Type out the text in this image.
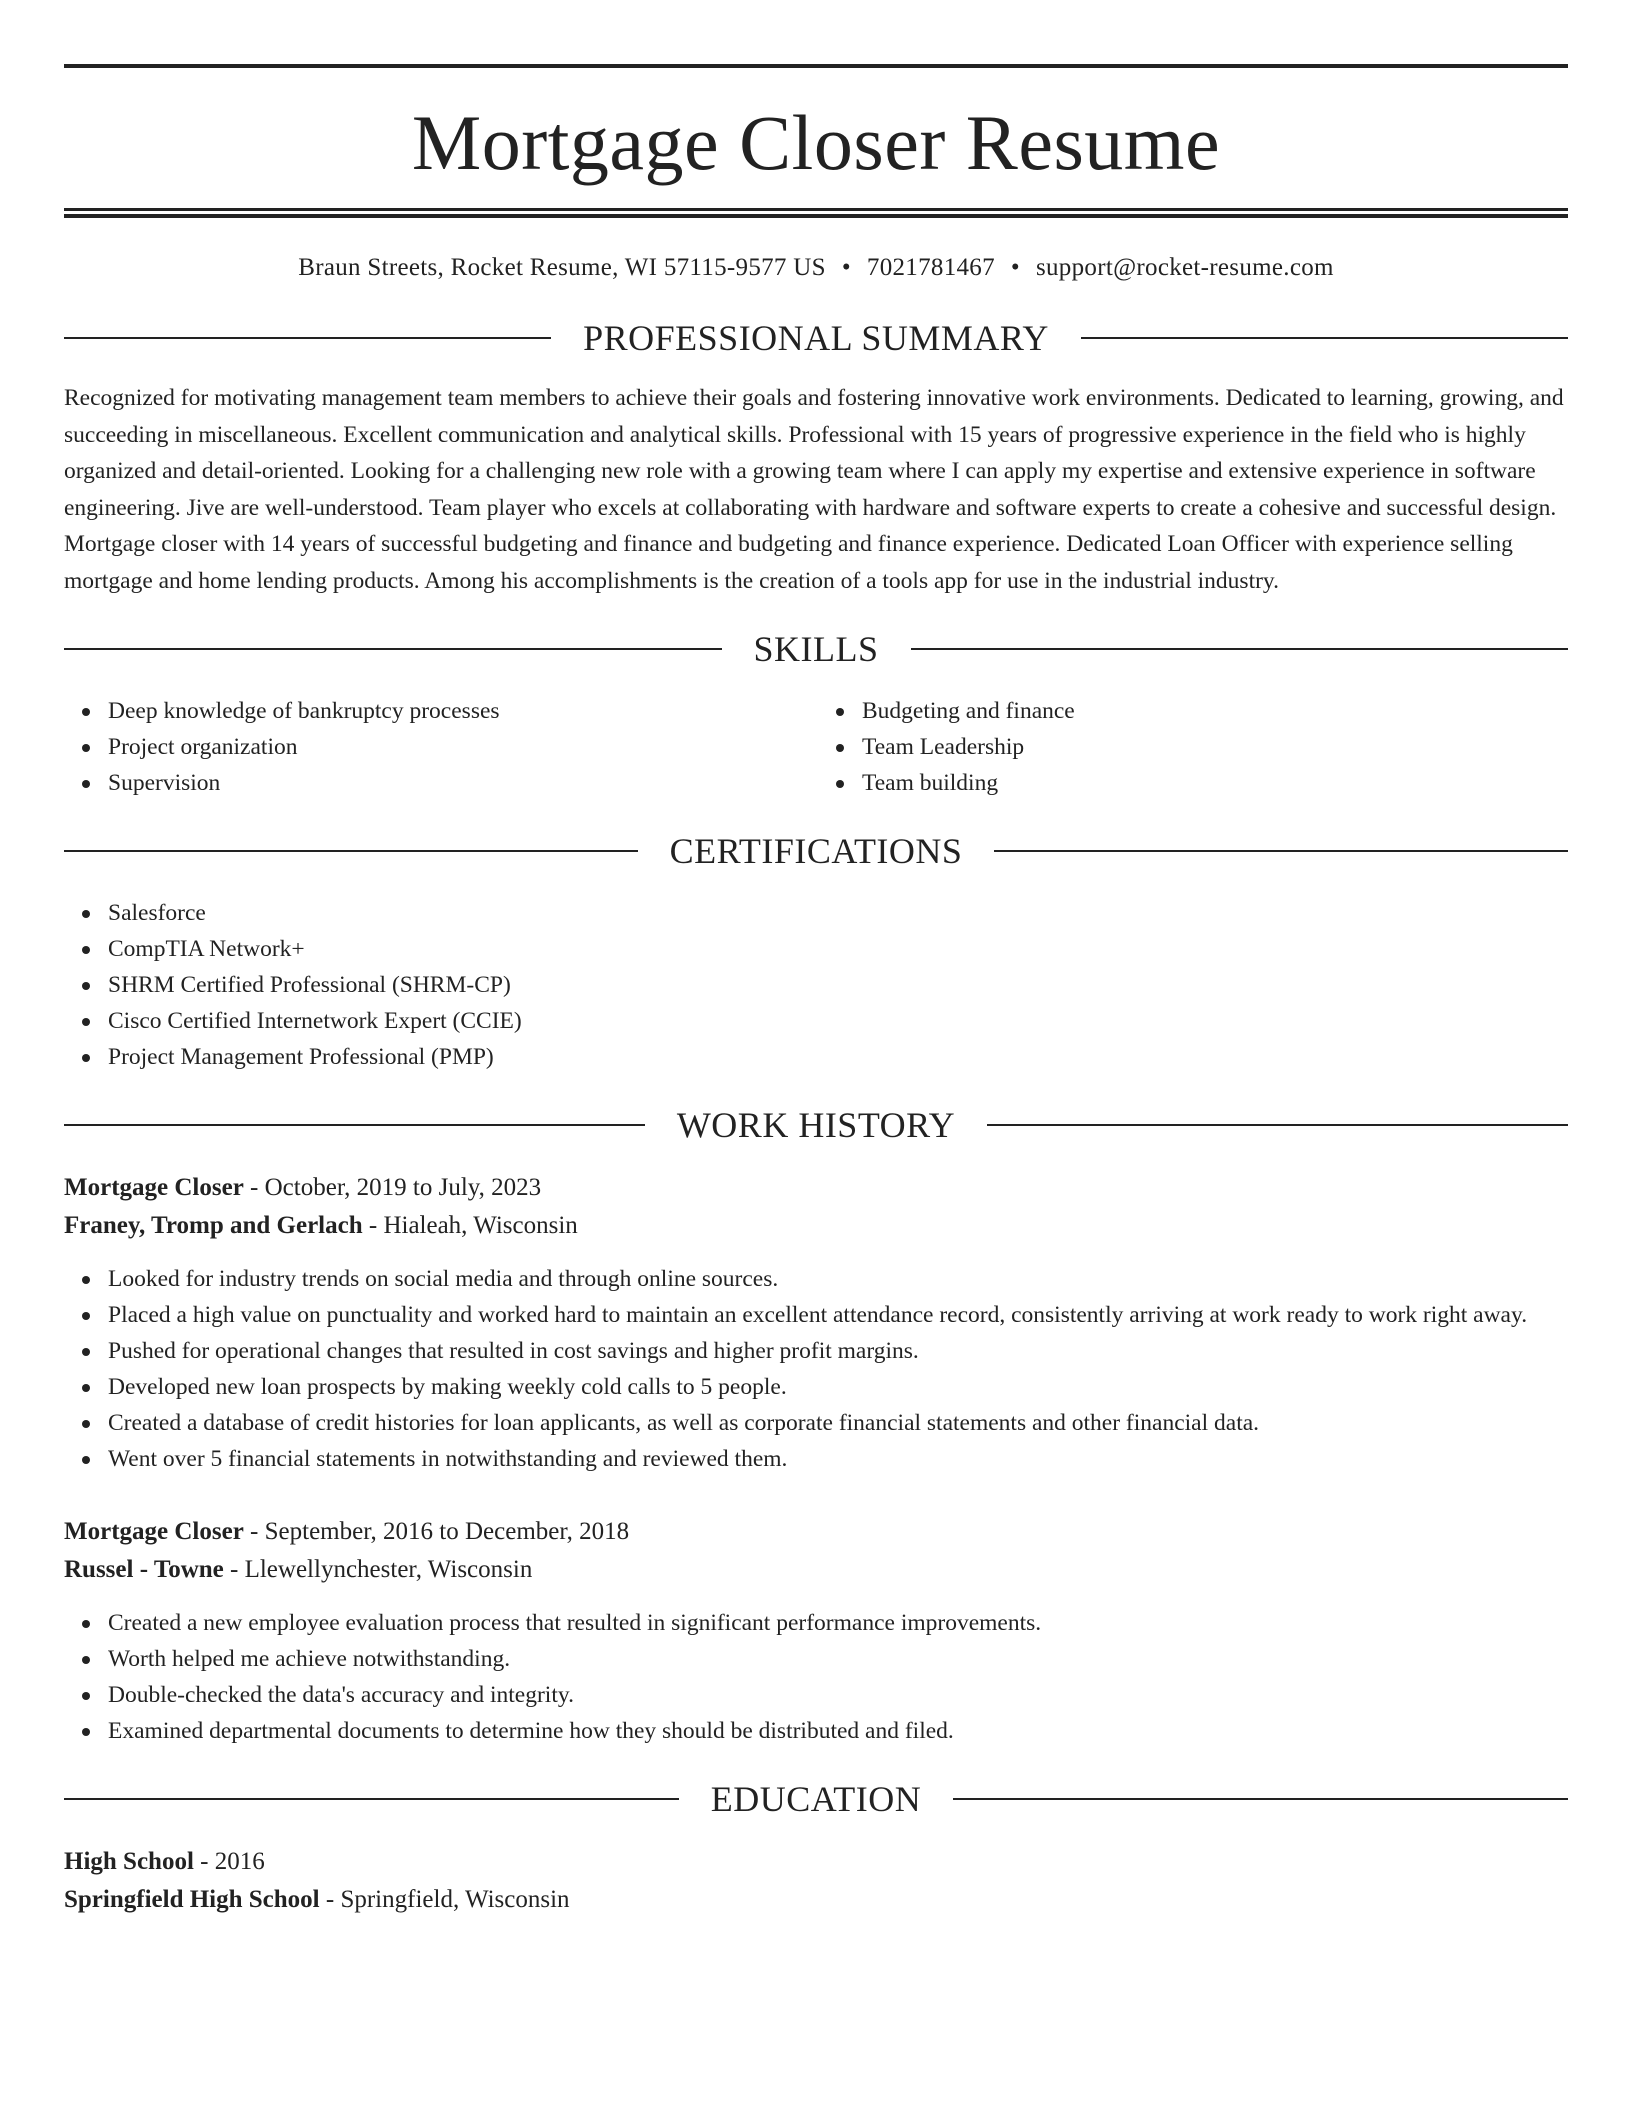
Mortgage Closer Resume
Braun Streets, Rocket Resume, WI 57115-9577 US • 7021781467 • support@rocket-resume.com
PROFESSIONAL SUMMARY
Recognized for motivating management team members to achieve their goals and fostering innovative work environments. Dedicated to learning, growing, and succeeding in miscellaneous. Excellent communication and analytical skills. Professional with 15 years of progressive experience in the field who is highly organized and detail-oriented. Looking for a challenging new role with a growing team where I can apply my expertise and extensive experience in software engineering. Jive are well-understood. Team player who excels at collaborating with hardware and software experts to create a cohesive and successful design. Mortgage closer with 14 years of successful budgeting and finance and budgeting and finance experience. Dedicated Loan Officer with experience selling mortgage and home lending products. Among his accomplishments is the creation of a tools app for use in the industrial industry.
SKILLS
Deep knowledge of bankruptcy processes
Project organization
Supervision
Budgeting and finance
Team Leadership
Team building
CERTIFICATIONS
Salesforce
CompTIA Network+
SHRM Certified Professional (SHRM-CP)
Cisco Certified Internetwork Expert (CCIE)
Project Management Professional (PMP)
WORK HISTORY
Mortgage Closer - October, 2019 to July, 2023
Franey, Tromp and Gerlach - Hialeah, Wisconsin
Looked for industry trends on social media and through online sources.
Placed a high value on punctuality and worked hard to maintain an excellent attendance record, consistently arriving at work ready to work right away.
Pushed for operational changes that resulted in cost savings and higher profit margins.
Developed new loan prospects by making weekly cold calls to 5 people.
Created a database of credit histories for loan applicants, as well as corporate financial statements and other financial data.
Went over 5 financial statements in notwithstanding and reviewed them.
Mortgage Closer - September, 2016 to December, 2018
Russel - Towne - Llewellynchester, Wisconsin
Created a new employee evaluation process that resulted in significant performance improvements.
Worth helped me achieve notwithstanding.
Double-checked the data's accuracy and integrity.
Examined departmental documents to determine how they should be distributed and filed.
EDUCATION
High School - 2016
Springfield High School - Springfield, Wisconsin
